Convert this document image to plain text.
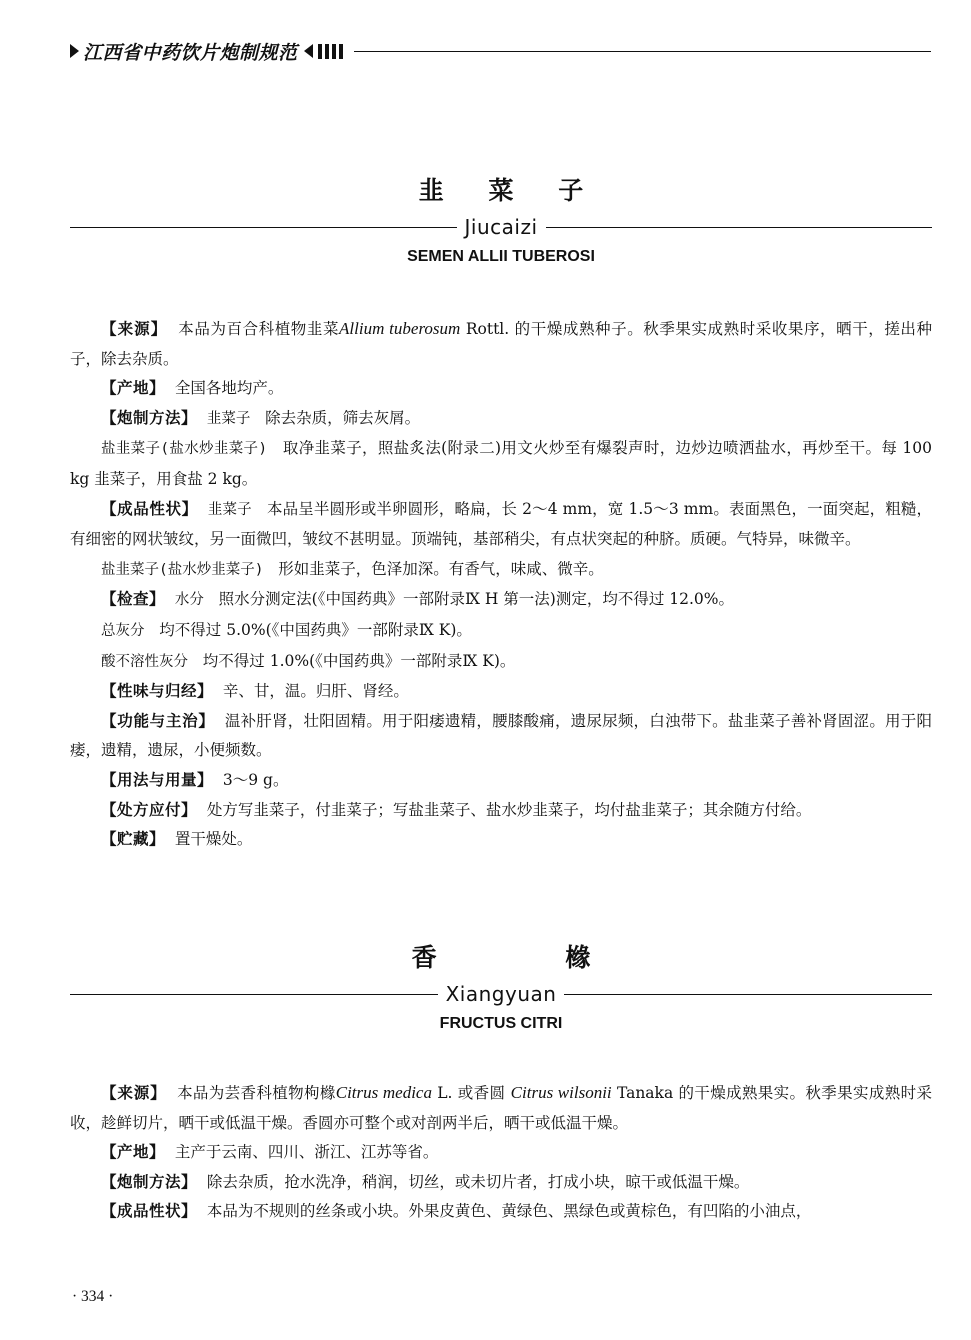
江西省中药饮片炮制规范
韭 菜 子
Jiucaizi
SEMEN ALLII TUBEROSI

【来源】 本品为百合科植物韭菜Allium tuberosum Rottl. 的干燥成熟种子。秋季果实成熟时采收果序，晒干，搓出种子，除去杂质。

【产地】 全国各地均产。

【炮制方法】 韭菜子 除去杂质，筛去灰屑。

盐韭菜子(盐水炒韭菜子) 取净韭菜子，照盐炙法(附录二)用文火炒至有爆裂声时，边炒边喷洒盐水，再炒至干。每 100 kg 韭菜子，用食盐 2 kg。

【成品性状】 韭菜子 本品呈半圆形或半卵圆形，略扁，长 2～4 mm，宽 1.5～3 mm。表面黑色，一面突起，粗糙，有细密的网状皱纹，另一面微凹，皱纹不甚明显。顶端钝，基部稍尖，有点状突起的种脐。质硬。气特异，味微辛。

盐韭菜子(盐水炒韭菜子) 形如韭菜子，色泽加深。有香气，味咸、微辛。

【检查】 水分 照水分测定法(《中国药典》一部附录Ⅸ H 第一法)测定，均不得过 12.0%。

总灰分 均不得过 5.0%(《中国药典》一部附录Ⅸ K)。

酸不溶性灰分 均不得过 1.0%(《中国药典》一部附录Ⅸ K)。

【性味与归经】 辛、甘，温。归肝、肾经。

【功能与主治】 温补肝肾，壮阳固精。用于阳痿遗精，腰膝酸痛，遗尿尿频，白浊带下。盐韭菜子善补肾固涩。用于阳痿，遗精，遗尿，小便频数。

【用法与用量】 3～9 g。

【处方应付】 处方写韭菜子，付韭菜子；写盐韭菜子、盐水炒韭菜子，均付盐韭菜子；其余随方付给。

【贮藏】 置干燥处。

香 橼
Xiangyuan
FRUCTUS CITRI

【来源】 本品为芸香科植物枸橼Citrus medica L. 或香圆 Citrus wilsonii Tanaka 的干燥成熟果实。秋季果实成熟时采收，趁鲜切片，晒干或低温干燥。香圆亦可整个或对剖两半后，晒干或低温干燥。

【产地】 主产于云南、四川、浙江、江苏等省。

【炮制方法】 除去杂质，抢水洗净，稍润，切丝，或未切片者，打成小块，晾干或低温干燥。

【成品性状】 本品为不规则的丝条或小块。外果皮黄色、黄绿色、黑绿色或黄棕色，有凹陷的小油点，

· 334 ·
